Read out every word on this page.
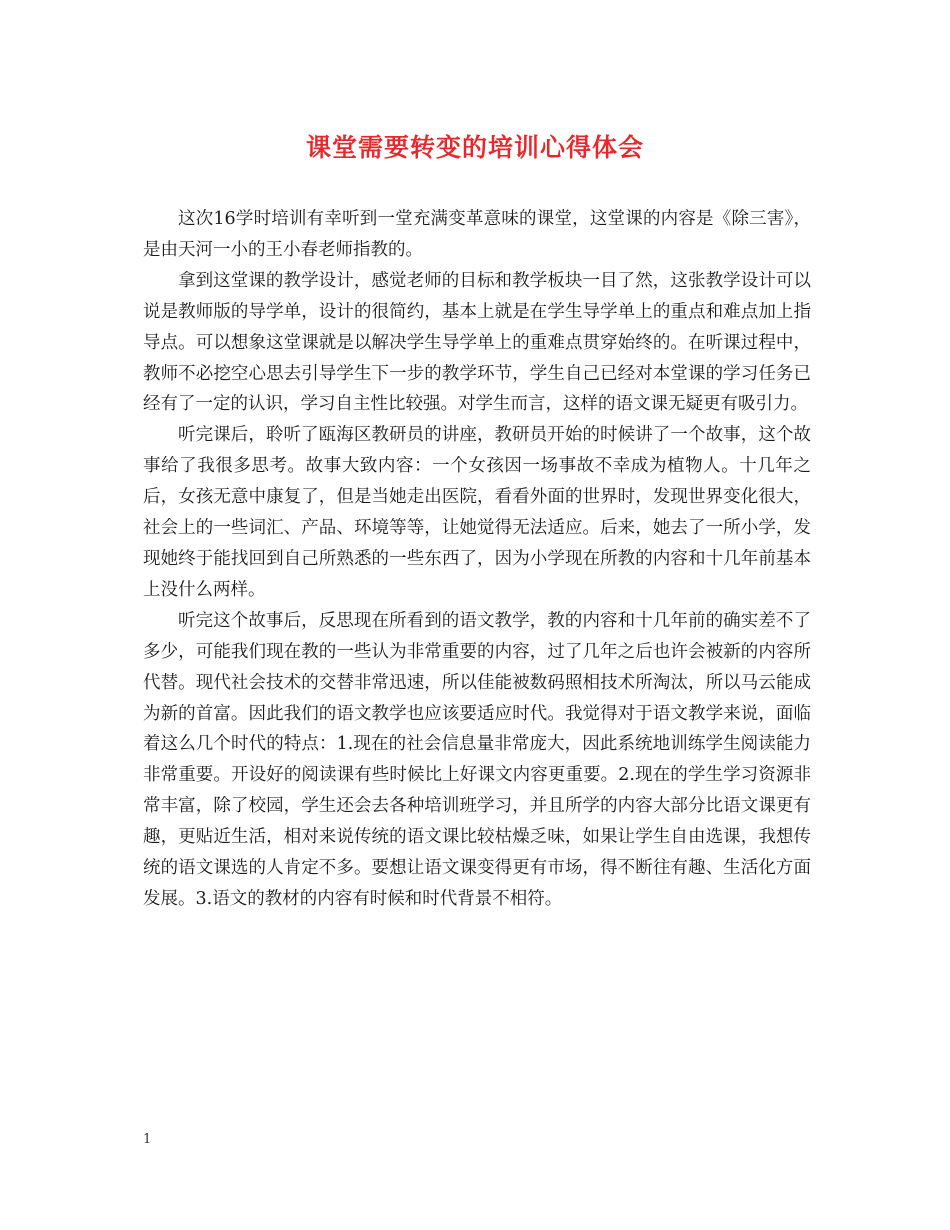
课堂需要转变的培训心得体会

这次16学时培训有幸听到一堂充满变革意味的课堂，这堂课的内容是《除三害》，是由天河一小的王小春老师指教的。

拿到这堂课的教学设计，感觉老师的目标和教学板块一目了然，这张教学设计可以说是教师版的导学单，设计的很简约，基本上就是在学生导学单上的重点和难点加上指导点。可以想象这堂课就是以解决学生导学单上的重难点贯穿始终的。在听课过程中，教师不必挖空心思去引导学生下一步的教学环节，学生自己已经对本堂课的学习任务已经有了一定的认识，学习自主性比较强。对学生而言，这样的语文课无疑更有吸引力。

听完课后，聆听了瓯海区教研员的讲座，教研员开始的时候讲了一个故事，这个故事给了我很多思考。故事大致内容：一个女孩因一场事故不幸成为植物人。十几年之后，女孩无意中康复了，但是当她走出医院，看看外面的世界时，发现世界变化很大，社会上的一些词汇、产品、环境等等，让她觉得无法适应。后来，她去了一所小学，发现她终于能找回到自己所熟悉的一些东西了，因为小学现在所教的内容和十几年前基本上没什么两样。

听完这个故事后，反思现在所看到的语文教学，教的内容和十几年前的确实差不了多少，可能我们现在教的一些认为非常重要的内容，过了几年之后也许会被新的内容所代替。现代社会技术的交替非常迅速，所以佳能被数码照相技术所淘汰，所以马云能成为新的首富。因此我们的语文教学也应该要适应时代。我觉得对于语文教学来说，面临着这么几个时代的特点：1.现在的社会信息量非常庞大，因此系统地训练学生阅读能力非常重要。开设好的阅读课有些时候比上好课文内容更重要。2.现在的学生学习资源非常丰富，除了校园，学生还会去各种培训班学习，并且所学的内容大部分比语文课更有趣，更贴近生活，相对来说传统的语文课比较枯燥乏味，如果让学生自由选课，我想传统的语文课选的人肯定不多。要想让语文课变得更有市场，得不断往有趣、生活化方面发展。3.语文的教材的内容有时候和时代背景不相符。

1
